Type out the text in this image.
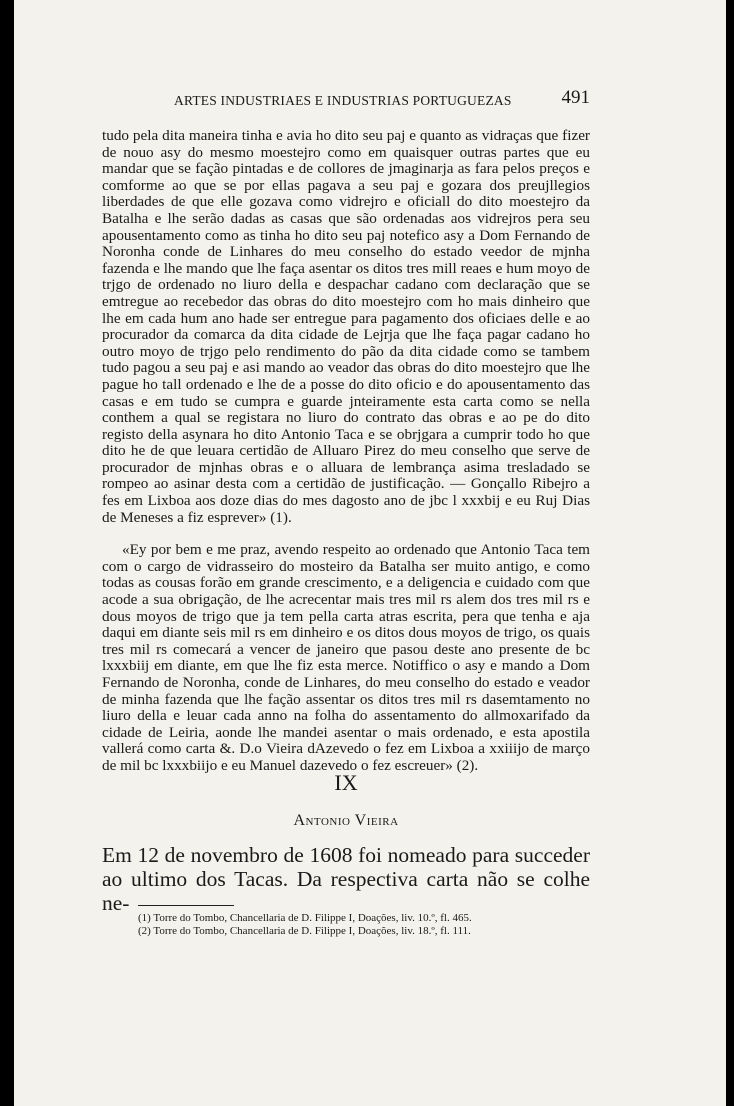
ARTES INDUSTRIAES E INDUSTRIAS PORTUGUEZAS	491

tudo pela dita maneira tinha e avia ho dito seu paj e quanto as vidraças que fizer de nouo asy do mesmo moestejro como em quaisquer outras partes que eu mandar que se fação pintadas e de collores de jmaginarja as fara pelos preços e comforme ao que se por ellas pagava a seu paj e gozara dos preujllegios liberdades de que elle gozava como vidrejro e oficiall do dito moestejro da Batalha e lhe serão dadas as casas que são ordenadas aos vidrejros pera seu apousentamento como as tinha ho dito seu paj notefico asy a Dom Fernando de Noronha conde de Linhares do meu conselho do estado veedor de mjnha fazenda e lhe mando que lhe faça asentar os ditos tres mill reaes e hum moyo de trjgo de ordenado no liuro della e despachar cadano com declaração que se emtregue ao recebedor das obras do dito moestejro com ho mais dinheiro que lhe em cada hum ano hade ser entregue para pagamento dos oficiaes delle e ao procurador da comarca da dita cidade de Lejrja que lhe faça pagar cadano ho outro moyo de trjgo pelo rendimento do pão da dita cidade como se tambem tudo pagou a seu paj e asi mando ao veador das obras do dito moestejro que lhe pague ho tall ordenado e lhe de a posse do dito oficio e do apousentamento das casas e em tudo se cumpra e guarde jnteiramente esta carta como se nella conthem a qual se registara no liuro do contrato das obras e ao pe do dito registo della asynara ho dito Antonio Taca e se obrjgara a cumprir todo ho que dito he de que leuara certidão de Alluaro Pirez do meu conselho que serve de procurador de mjnhas obras e o alluara de lembrança asima tresladado se rompeo ao asinar desta com a certidão de justificação. — Gonçallo Ribejro a fes em Lixboa aos doze dias do mes dagosto ano de jbc l xxxbij e eu Ruj Dias de Meneses a fiz esprever» (1).

«Ey por bem e me praz, avendo respeito ao ordenado que Antonio Taca tem com o cargo de vidrasseiro do mosteiro da Batalha ser muito antigo, e como todas as cousas forão em grande crescimento, e a deligencia e cuidado com que acode a sua obrigação, de lhe acrecentar mais tres mil rs alem dos tres mil rs e dous moyos de trigo que ja tem pella carta atras escrita, pera que tenha e aja daqui em diante seis mil rs em dinheiro e os ditos dous moyos de trigo, os quais tres mil rs comecará a vencer de janeiro que pasou deste ano presente de bc lxxxbiij em diante, em que lhe fiz esta merce. Notiffico o asy e mando a Dom Fernando de Noronha, conde de Linhares, do meu conselho do estado e veador de minha fazenda que lhe fação assentar os ditos tres mil rs dasemtamento no liuro della e leuar cada anno na folha do assentamento do allmoxarifado da cidade de Leiria, aonde lhe mandei asentar o mais ordenado, e esta apostila vallerá como carta &. D.o Vieira dAzevedo o fez em Lixboa a xxiiijo de março de mil bc lxxxbiijo e eu Manuel dazevedo o fez escreuer» (2).

IX
Antonio Vieira
Em 12 de novembro de 1608 foi nomeado para succeder ao ultimo dos Tacas. Da respectiva carta não se colhe ne-

(1) Torre do Tombo, Chancellaria de D. Filippe I, Doações, liv. 10.º, fl. 465.

(2) Torre do Tombo, Chancellaria de D. Filippe I, Doações, liv. 18.º, fl. 111.
